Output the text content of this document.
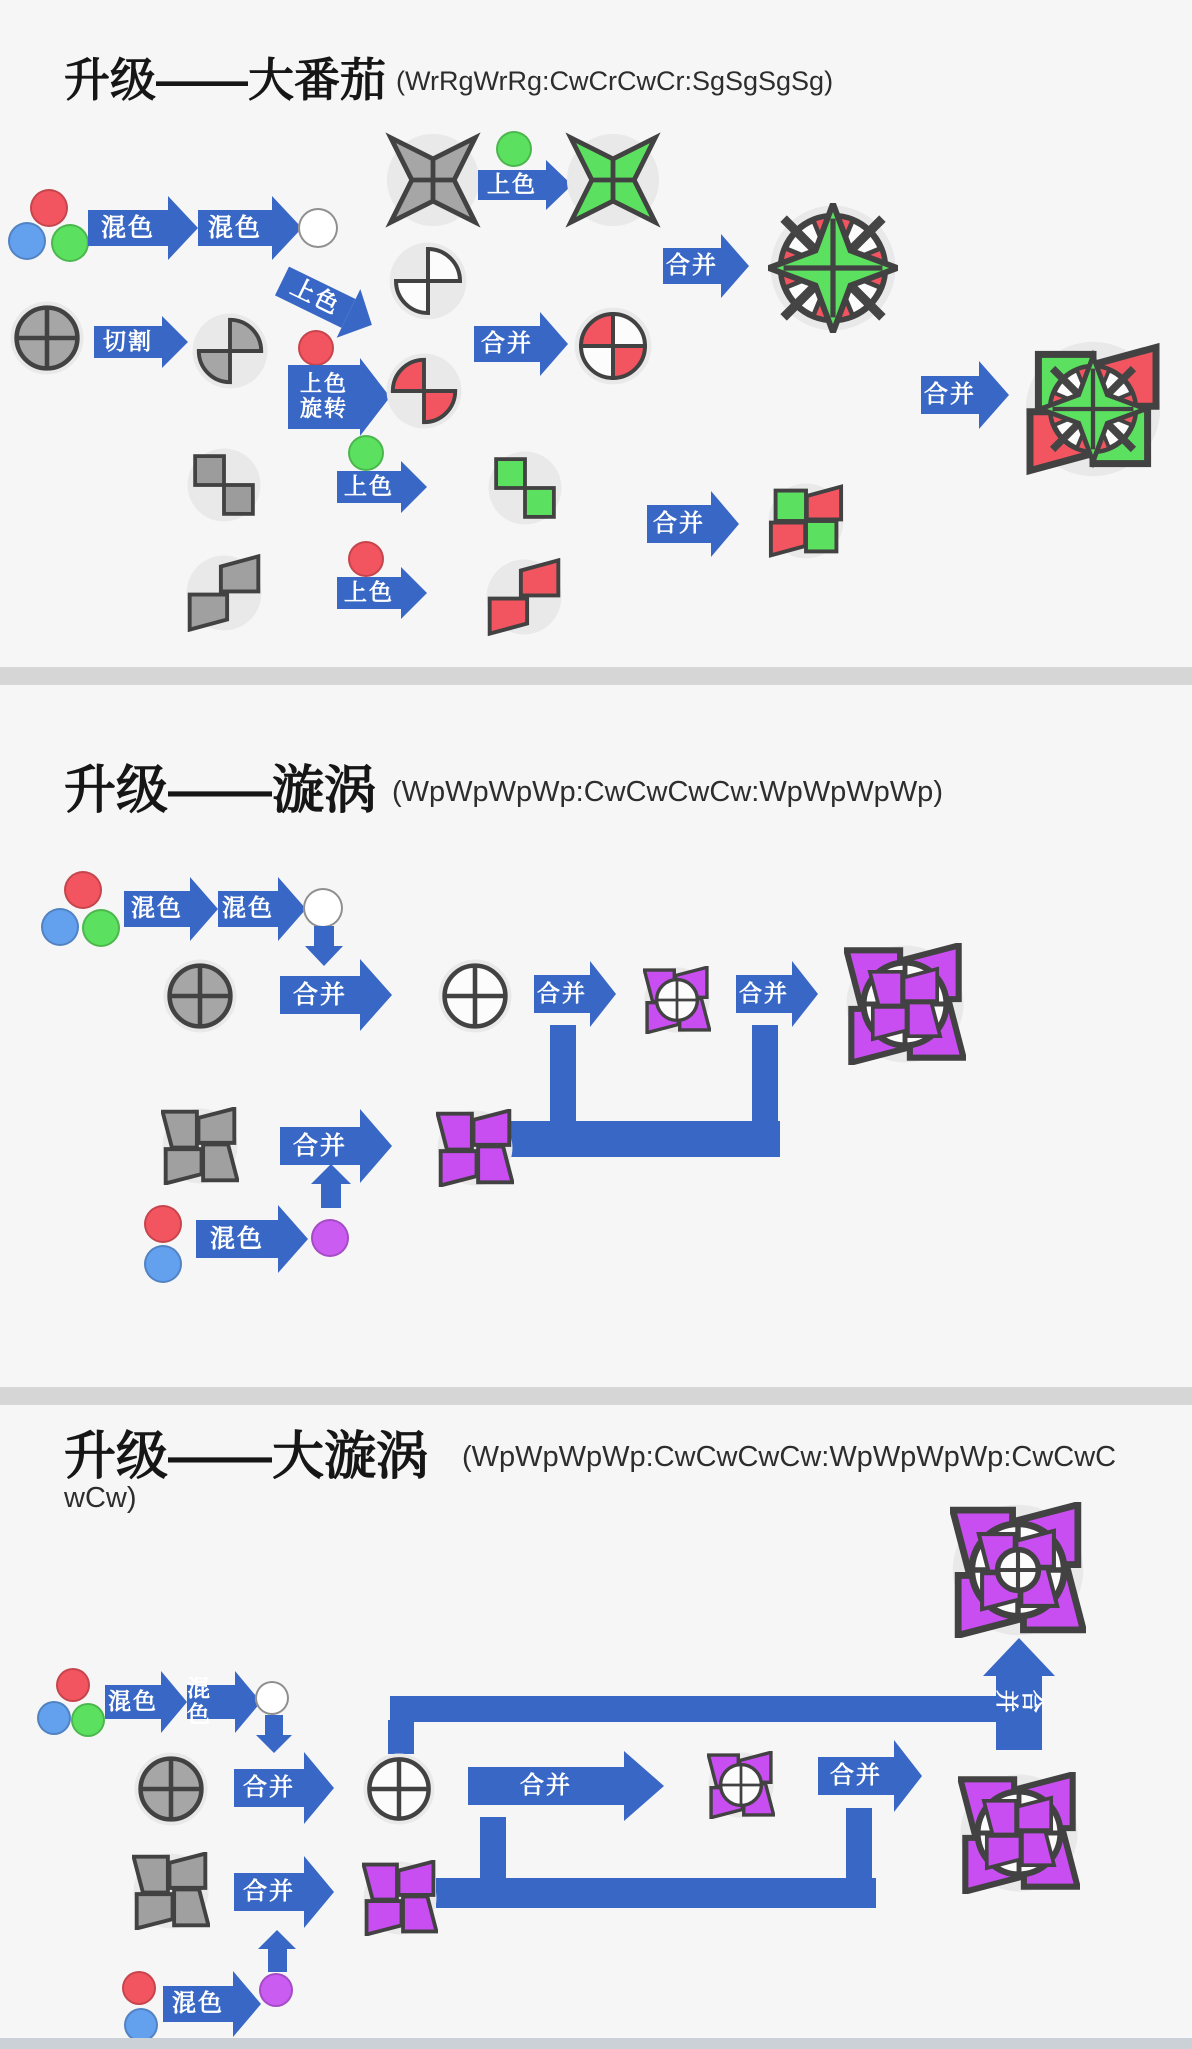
升级——大番茄 (WrRgWrRg:CwCrCwCr:SgSgSgSg)
混色 混色
上色
上色
切割
上色
旋转
合并
合并
合并
上色
上色
合并
升级——漩涡 (WpWpWpWp:CwCwCwCw:WpWpWpWp)
混色 混色
合并	合并	合并
合并
混色
升级——大漩涡 (WpWpWpWp:CwCwCwCw:WpWpWpWp:CwCwC
wCw)
混色 混色
合并
合并
合并	合并
合并
混色
